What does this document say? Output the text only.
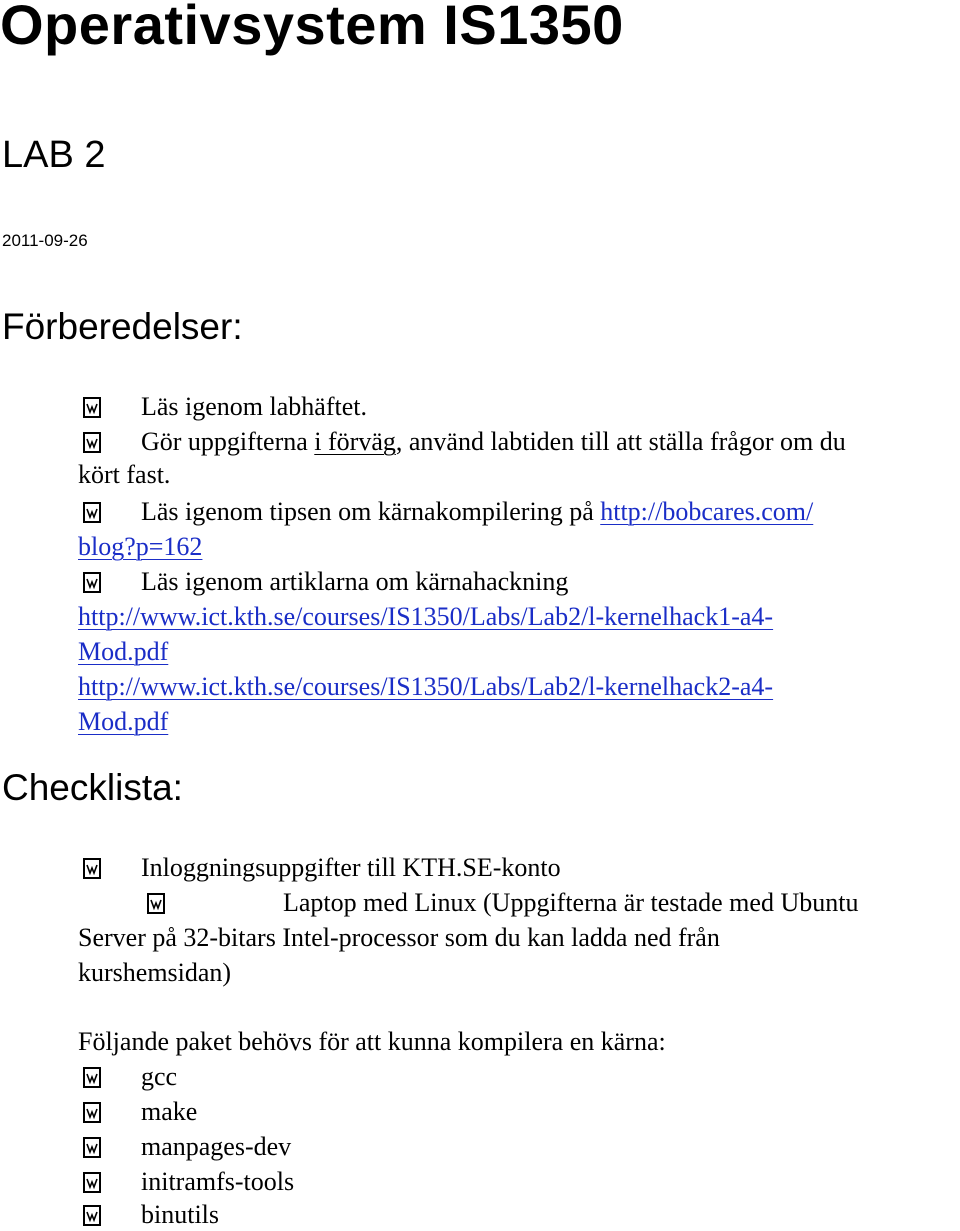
Operativsystem IS1350
LAB 2
2011-09-26
Förberedelser:
Läs igenom labhäftet.
Gör uppgifterna i förväg, använd labtiden till att ställa frågor om du
kört fast.
Läs igenom tipsen om kärnakompilering på http://bobcares.com/
blog?p=162
Läs igenom artiklarna om kärnahackning
http://www.ict.kth.se/courses/IS1350/Labs/Lab2/l-kernelhack1-a4-
Mod.pdf
http://www.ict.kth.se/courses/IS1350/Labs/Lab2/l-kernelhack2-a4-
Mod.pdf
Checklista:
Inloggningsuppgifter till KTH.SE-konto
Laptop med Linux (Uppgifterna är testade med Ubuntu
Server på 32-bitars Intel-processor som du kan ladda ned från
kurshemsidan)
Följande paket behövs för att kunna kompilera en kärna:
gcc
make
manpages-dev
initramfs-tools
binutils
